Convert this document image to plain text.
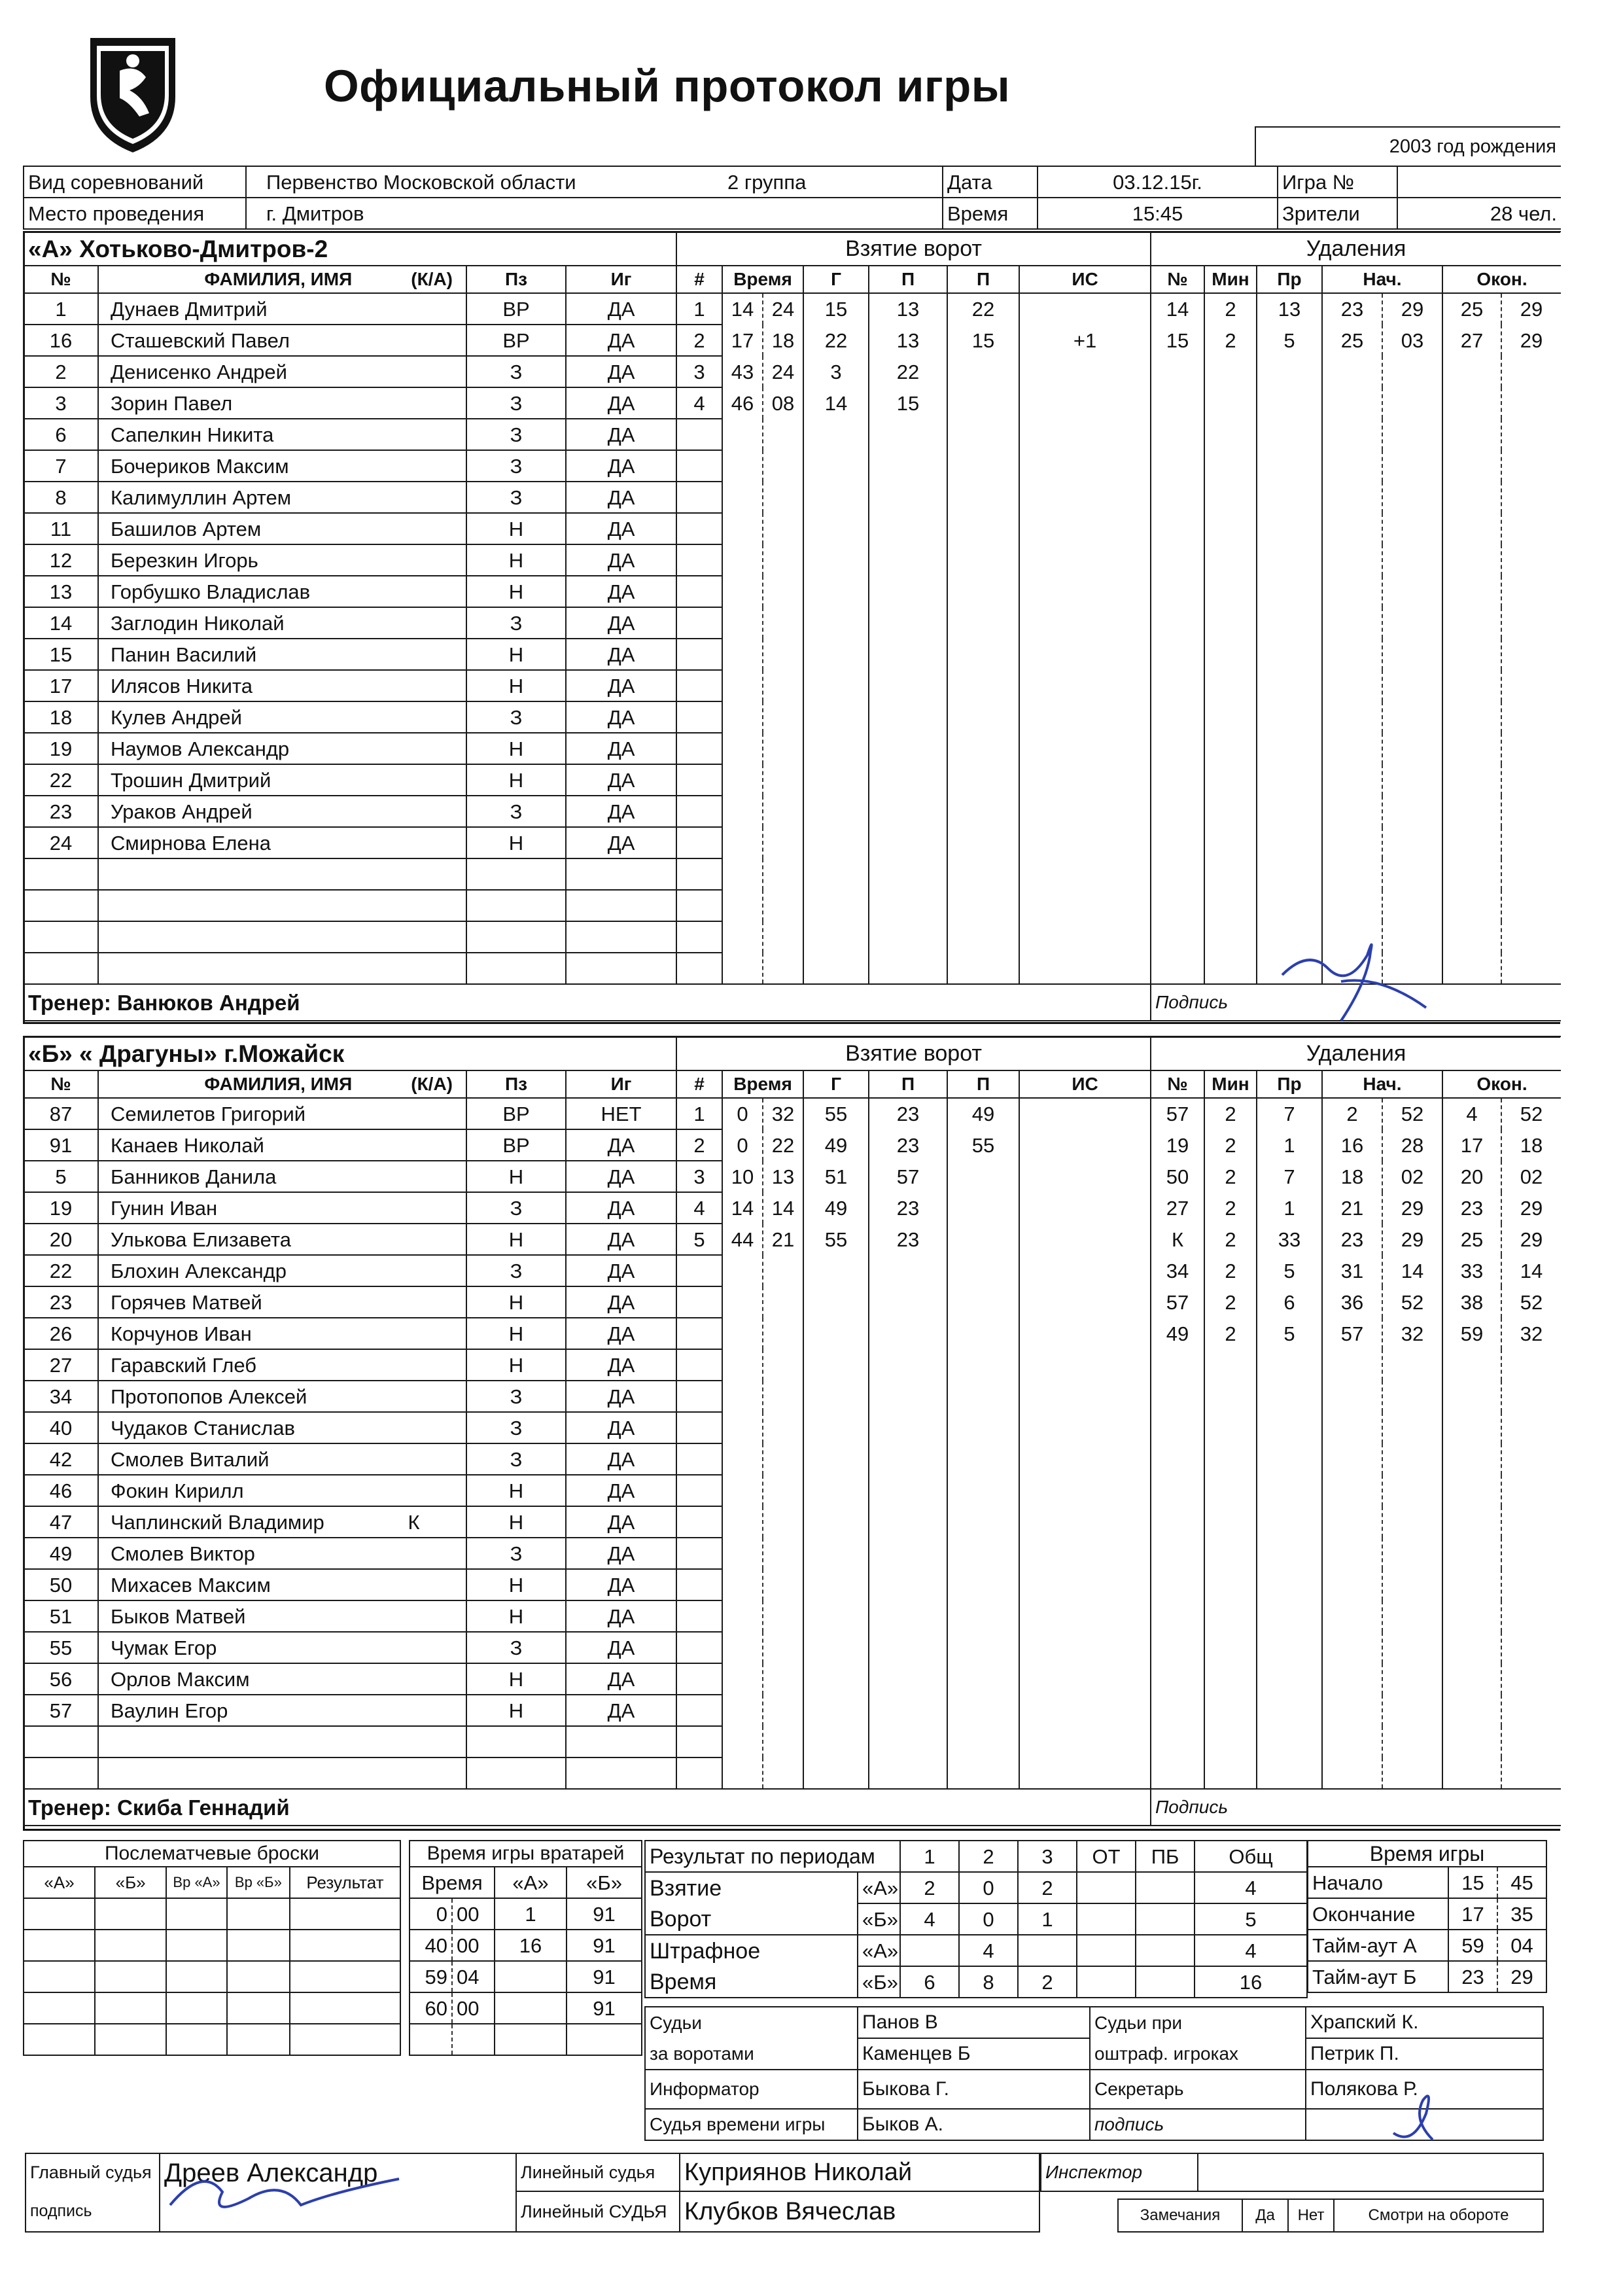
Официальный протокол игры
2003 год рождения
Вид соревнований	Первенство Московской области	2 группа	Дата	03.12.15г.	Игра №	
Место проведения	г. Дмитров		Время	15:45	Зрители	28 чел.
«А» Хотьково-Дмитров-2				
№	ФАМИЛИЯ, ИМЯ (К/А)		Пз	Иг
1	Дунаев Дмитрий		ВР	ДА
16	Сташевский Павел		ВР	ДА
2	Денисенко Андрей		З	ДА
3	Зорин Павел		З	ДА
6	Сапелкин Никита		З	ДА
7	Бочериков Максим		З	ДА
8	Калимуллин Артем		З	ДА
11	Башилов Артем		Н	ДА
12	Березкин Игорь		Н	ДА
13	Горбушко Владислав		Н	ДА
14	Заглодин Николай		З	ДА
15	Панин Василий		Н	ДА
17	Илясов Никита		Н	ДА
18	Кулев Андрей		З	ДА
19	Наумов Александр		Н	ДА
22	Трошин Дмитрий		Н	ДА
23	Ураков Андрей		З	ДА
24	Смирнова Елена		Н	ДА

Тренер: Ванюков Андрей				
Взятие ворот						
#	Время		Г	П	П	ИС
1	14	24	15	13	22	
2	17	18	22	13	15	+1
3	43	24	3	22		
4	46	08	14	15		

Удаления						
№	Мин	Пр	Нач.		Окон.	
14	2	13	23	29	25	29
15	2	5	25	03	27	29

Подпись						
«Б» « Драгуны» г.Можайск				
№	ФАМИЛИЯ, ИМЯ (К/А)		Пз	Иг
87	Семилетов Григорий		ВР	НЕТ
91	Канаев Николай		ВР	ДА
5	Банников Данила		Н	ДА
19	Гунин Иван		З	ДА
20	Улькова Елизавета		Н	ДА
22	Блохин Александр		З	ДА
23	Горячев Матвей		Н	ДА
26	Корчунов Иван		Н	ДА
27	Гаравский Глеб		Н	ДА
34	Протопопов Алексей		З	ДА
40	Чудаков Станислав		З	ДА
42	Смолев Виталий		З	ДА
46	Фокин Кирилл		Н	ДА
47	Чаплинский Владимир	К	Н	ДА
49	Смолев Виктор		З	ДА
50	Михасев Максим		Н	ДА
51	Быков Матвей		Н	ДА
55	Чумак Егор		З	ДА
56	Орлов Максим		Н	ДА
57	Ваулин Егор		Н	ДА

Тренер: Скиба Геннадий				
Взятие ворот						
#	Время		Г	П	П	ИС
1	0	32	55	23	49	
2	0	22	49	23	55	
3	10	13	51	57		
4	14	14	49	23		
5	44	21	55	23		

Удаления						
№	Мин	Пр	Нач.		Окон.	
57	2	7	2	52	4	52
19	2	1	16	28	17	18
50	2	7	18	02	20	02
27	2	1	21	29	23	29
К	2	33	23	29	25	29
34	2	5	31	14	33	14
57	2	6	36	52	38	52
49	2	5	57	32	59	32

Подпись						
Послематчевые броски				
«А»	«Б»	Вр «А»	Вр «Б»	Результат

Время игры вратарей			
Время		«А»	«Б»
0	00	1	91
40	00	16	91
59	04		91
60	00		91

Результат по периодам		1	2	3	ОТ	ПБ	Общ
Взятие	«А»	2	0	2			4
Ворот	«Б»	4	0	1			5
Штрафное	«А»		4				4
Время	«Б»	6	8	2			16
Время игры		
Начало	15	45
Окончание	17	35
Тайм-аут А	59	04
Тайм-аут Б	23	29
Судьи	Панов В	Судьи при	Храпский К.
за воротами	Каменцев Б	оштраф. игроках	Петрик П.
Информатор	Быкова Г.	Секретарь	Полякова Р.
Судья времени игры	Быков А.	подпись	
Главный судья	Дреев Александр	Линейный судья	Куприянов Николай
подпись		Линейный СУДЬЯ	Клубков Вячеслав
Инспектор	
Замечания	Да	Нет	Смотри на обороте
